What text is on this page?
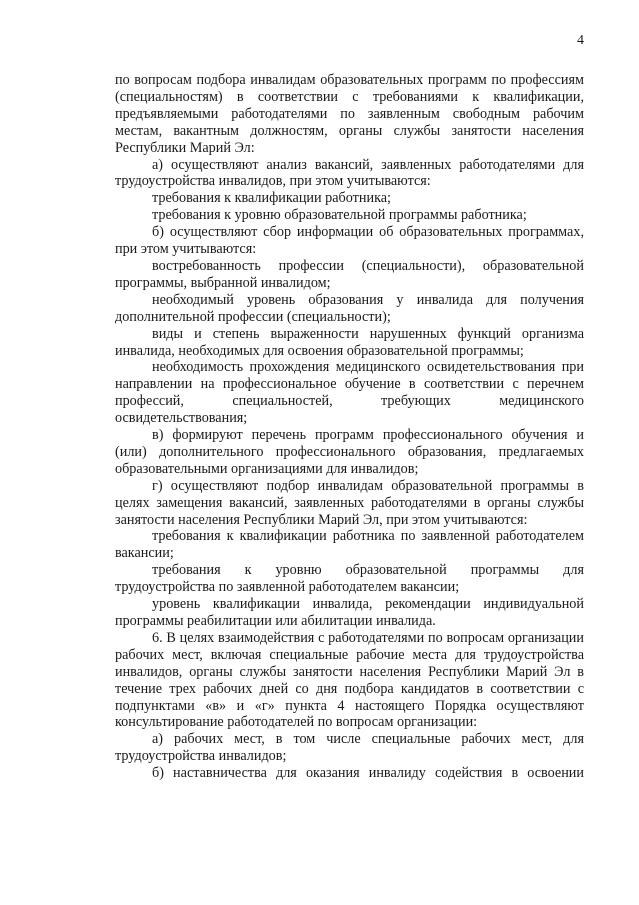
4

по вопросам подбора инвалидам образовательных программ по профессиям (специальностям) в соответствии с требованиями к квалификации, предъявляемыми работодателями по заявленным свободным рабочим местам, вакантным должностям, органы службы занятости населения Республики Марий Эл:

а) осуществляют анализ вакансий, заявленных работодателями для трудоустройства инвалидов, при этом учитываются:

требования к квалификации работника;

требования к уровню образовательной программы работника;

б) осуществляют сбор информации об образовательных программах, при этом учитываются:

востребованность профессии (специальности), образовательной программы, выбранной инвалидом;

необходимый уровень образования у инвалида для получения дополнительной профессии (специальности);

виды и степень выраженности нарушенных функций организма инвалида, необходимых для освоения образовательной программы;

необходимость прохождения медицинского освидетельствования при направлении на профессиональное обучение в соответствии с перечнем профессий, специальностей, требующих медицинского освидетельствования;

в) формируют перечень программ профессионального обучения и (или) дополнительного профессионального образования, предлагаемых образовательными организациями для инвалидов;

г) осуществляют подбор инвалидам образовательной программы в целях замещения вакансий, заявленных работодателями в органы службы занятости населения Республики Марий Эл, при этом учитываются:

требования к квалификации работника по заявленной работодателем вакансии;

требования к уровню образовательной программы для трудоустройства по заявленной работодателем вакансии;

уровень квалификации инвалида, рекомендации индивидуальной программы реабилитации или абилитации инвалида.

6. В целях взаимодействия с работодателями по вопросам организации рабочих мест, включая специальные рабочие места для трудоустройства инвалидов, органы службы занятости населения Республики Марий Эл в течение трех рабочих дней со дня подбора кандидатов в соответствии с подпунктами «в» и «г» пункта 4 настоящего Порядка осуществляют консультирование работодателей по вопросам организации:

а) рабочих мест, в том числе специальные рабочих мест, для трудоустройства инвалидов;

б) наставничества для оказания инвалиду содействия в освоении
